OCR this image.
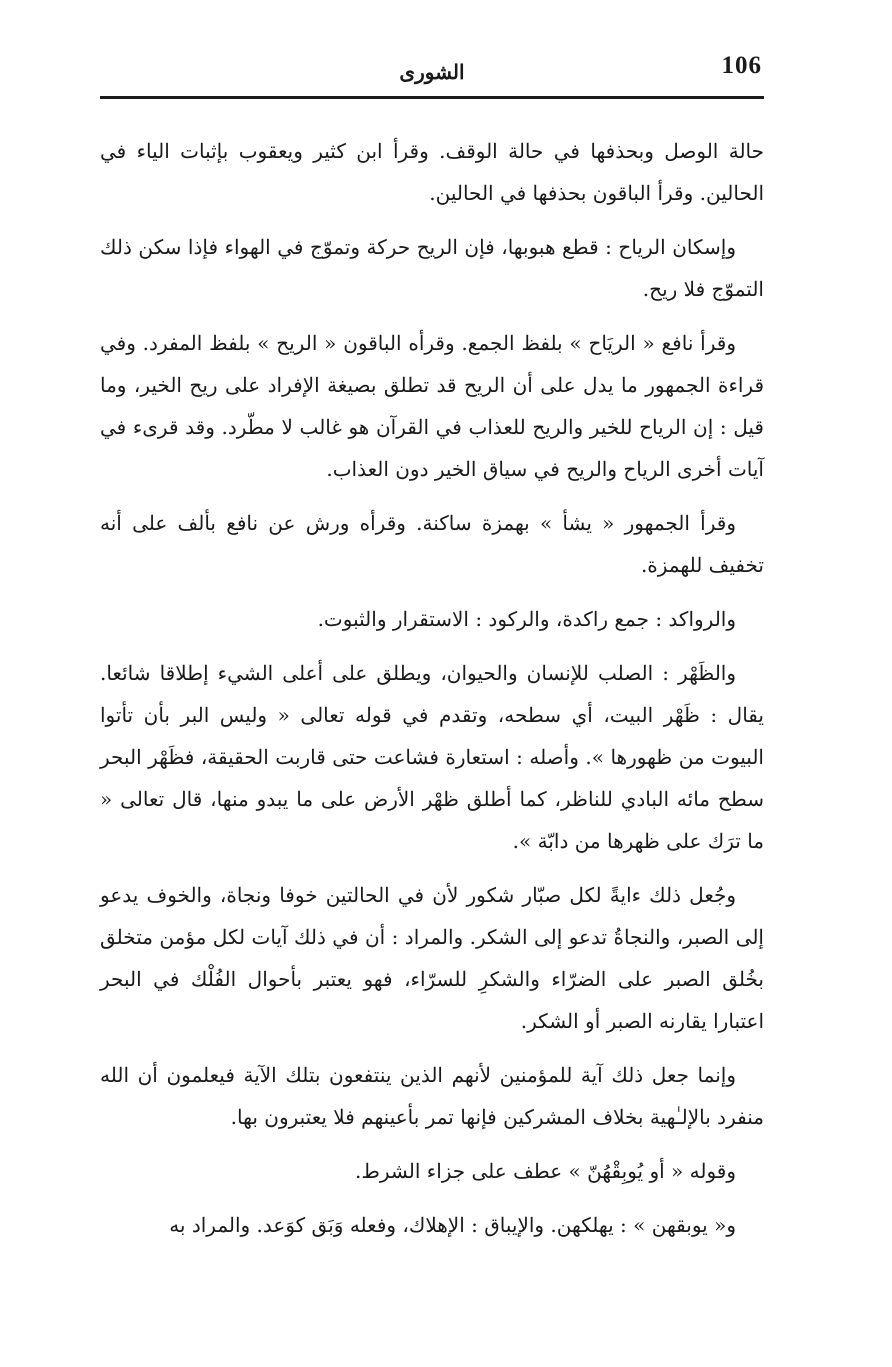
106
الشورى

حالة الوصل وبحذفها في حالة الوقف. وقرأ ابن كثير ويعقوب بإثبات الياء في الحالين. وقرأ الباقون بحذفها في الحالين.

وإسكان الرياح : قطع هبوبها، فإن الريح حركة وتموّج في الهواء فإذا سكن ذلك التموّج فلا ريح.

وقرأ نافع « الريَاح » بلفظ الجمع. وقرأه الباقون « الريح » بلفظ المفرد. وفي قراءة الجمهور ما يدل على أن الريح قد تطلق بصيغة الإفراد على ريح الخير، وما قيل : إن الرياح للخير والريح للعذاب في القرآن هو غالب لا مطّرد. وقد قرىء في آيات أخرى الرياح والريح في سياق الخير دون العذاب.

وقرأ الجمهور « يشأ » بهمزة ساكنة. وقرأه ورش عن نافع بألف على أنه تخفيف للهمزة.

والرواكد : جمع راكدة، والركود : الاستقرار والثبوت.

والظَهْر : الصلب للإنسان والحيوان، ويطلق على أعلى الشيء إطلاقا شائعا. يقال : ظَهْر البيت، أي سطحه، وتقدم في قوله تعالى « وليس البر بأن تأتوا البيوت من ظهورها ». وأصله : استعارة فشاعت حتى قاربت الحقيقة، فظَهْر البحر سطح مائه البادي للناظر، كما أطلق ظهْر الأرض على ما يبدو منها، قال تعالى « ما ترَك على ظهرها من دابّة ».

وجُعل ذلك ءايةً لكل صبّار شكور لأن في الحالتين خوفا ونجاة، والخوف يدعو إلى الصبر، والنجاةُ تدعو إلى الشكر. والمراد : أن في ذلك آيات لكل مؤمن متخلق بخُلق الصبر على الضرّاء والشكرِ للسرّاء، فهو يعتبر بأحوال الفُلْك في البحر اعتبارا يقارنه الصبر أو الشكر.

وإنما جعل ذلك آية للمؤمنين لأنهم الذين ينتفعون بتلك الآية فيعلمون أن الله منفرد بالإلـٰهية بخلاف المشركين فإنها تمر بأعينهم فلا يعتبرون بها.

وقوله « أو يُوبِقْهُنّ » عطف على جزاء الشرط.

و« يوبقهن » : يهلكهن. والإيباق : الإهلاك، وفعله وَبَق كوَعد. والمراد به
